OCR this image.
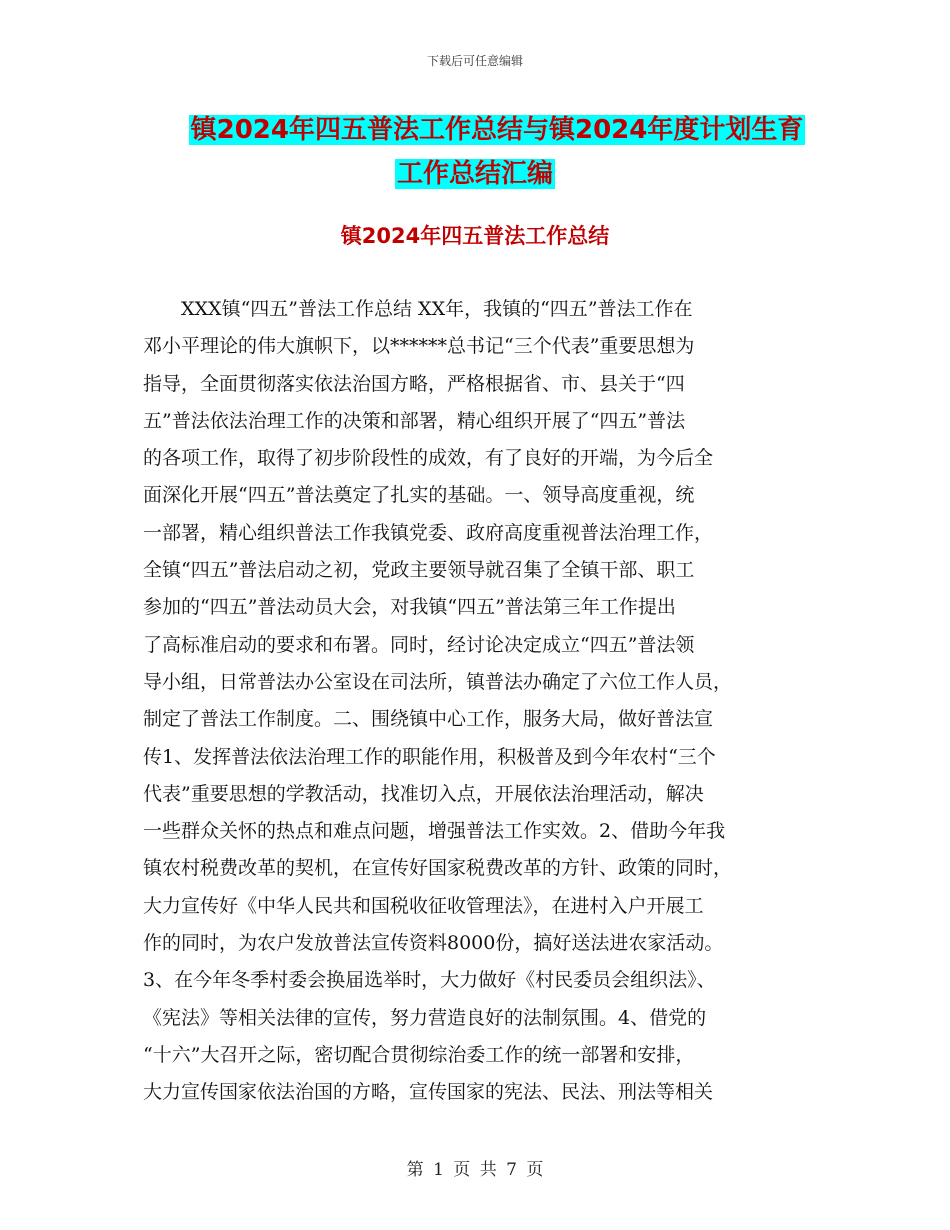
下载后可任意编辑
镇2024年四五普法工作总结与镇2024年度计划生育
工作总结汇编
镇2024年四五普法工作总结
XXX镇“四五”普法工作总结 XX年，我镇的“四五”普法工作在
邓小平理论的伟大旗帜下，以******总书记“三个代表”重要思想为
指导，全面贯彻落实依法治国方略，严格根据省、市、县关于“四
五”普法依法治理工作的决策和部署，精心组织开展了“四五”普法
的各项工作，取得了初步阶段性的成效，有了良好的开端，为今后全
面深化开展“四五”普法奠定了扎实的基础。一、领导高度重视，统
一部署，精心组织普法工作我镇党委、政府高度重视普法治理工作，
全镇“四五”普法启动之初，党政主要领导就召集了全镇干部、职工
参加的“四五”普法动员大会，对我镇“四五”普法第三年工作提出
了高标准启动的要求和布署。同时，经讨论决定成立“四五”普法领
导小组，日常普法办公室设在司法所，镇普法办确定了六位工作人员，
制定了普法工作制度。二、围绕镇中心工作，服务大局，做好普法宣
传1、发挥普法依法治理工作的职能作用，积极普及到今年农村“三个
代表”重要思想的学教活动，找准切入点，开展依法治理活动，解决
一些群众关怀的热点和难点问题，增强普法工作实效。2、借助今年我
镇农村税费改革的契机，在宣传好国家税费改革的方针、政策的同时，
大力宣传好《中华人民共和国税收征收管理法》，在进村入户开展工
作的同时，为农户发放普法宣传资料8000份，搞好送法进农家活动。
3、在今年冬季村委会换届选举时，大力做好《村民委员会组织法》、
《宪法》等相关法律的宣传，努力营造良好的法制氛围。4、借党的
“十六”大召开之际，密切配合贯彻综治委工作的统一部署和安排，
大力宣传国家依法治国的方略，宣传国家的宪法、民法、刑法等相关
第 1 页 共 7 页
